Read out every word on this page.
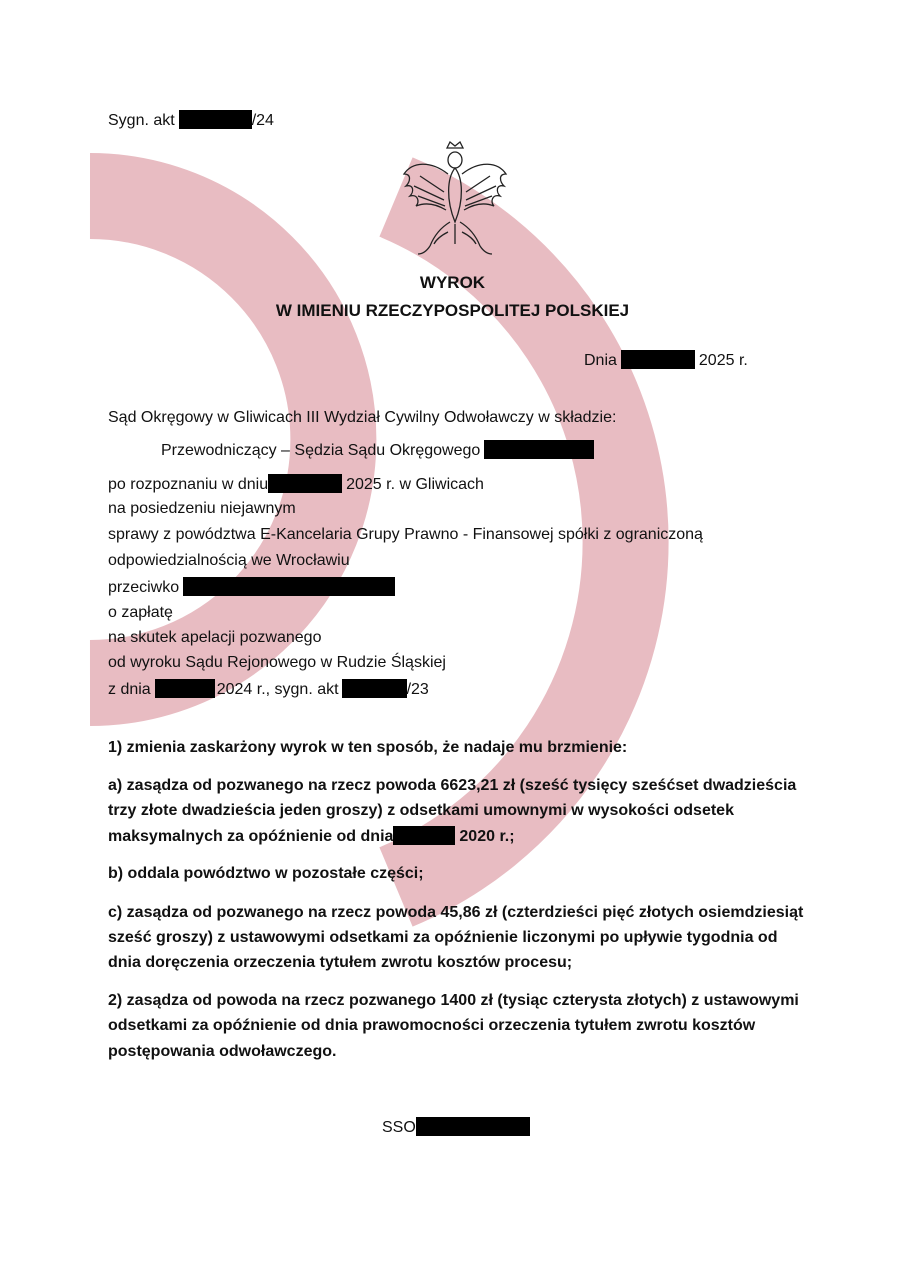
Sygn. akt	/24
WYROK
W IMIENIU RZECZYPOSPOLITEJ POLSKIEJ
Dnia	2025 r.
Sąd Okręgowy w Gliwicach III Wydział Cywilny Odwoławczy w składzie:
Przewodniczący – Sędzia Sądu Okręgowego
po rozpoznaniu w dniu	2025 r. w Gliwicach
na posiedzeniu niejawnym
sprawy z powództwa E-Kancelaria Grupy Prawno - Finansowej spółki z ograniczoną
odpowiedzialnością we Wrocławiu
przeciwko
o zapłatę
na skutek apelacji pozwanego
od wyroku Sądu Rejonowego w Rudzie Śląskiej
z dnia	2024 r., sygn. akt	/23
1) zmienia zaskarżony wyrok w ten sposób, że nadaje mu brzmienie:
a) zasądza od pozwanego na rzecz powoda 6623,21 zł (sześć tysięcy sześćset dwadzieścia
trzy złote dwadzieścia jeden groszy) z odsetkami umownymi w wysokości odsetek
maksymalnych za opóźnienie od dnia	2020 r.;
b) oddala powództwo w pozostałe części;
c) zasądza od pozwanego na rzecz powoda 45,86 zł (czterdzieści pięć złotych osiemdziesiąt
sześć groszy) z ustawowymi odsetkami za opóźnienie liczonymi po upływie tygodnia od
dnia doręczenia orzeczenia tytułem zwrotu kosztów procesu;
2) zasądza od powoda na rzecz pozwanego 1400 zł (tysiąc czterysta złotych) z ustawowymi
odsetkami za opóźnienie od dnia prawomocności orzeczenia tytułem zwrotu kosztów
postępowania odwoławczego.
SSO
